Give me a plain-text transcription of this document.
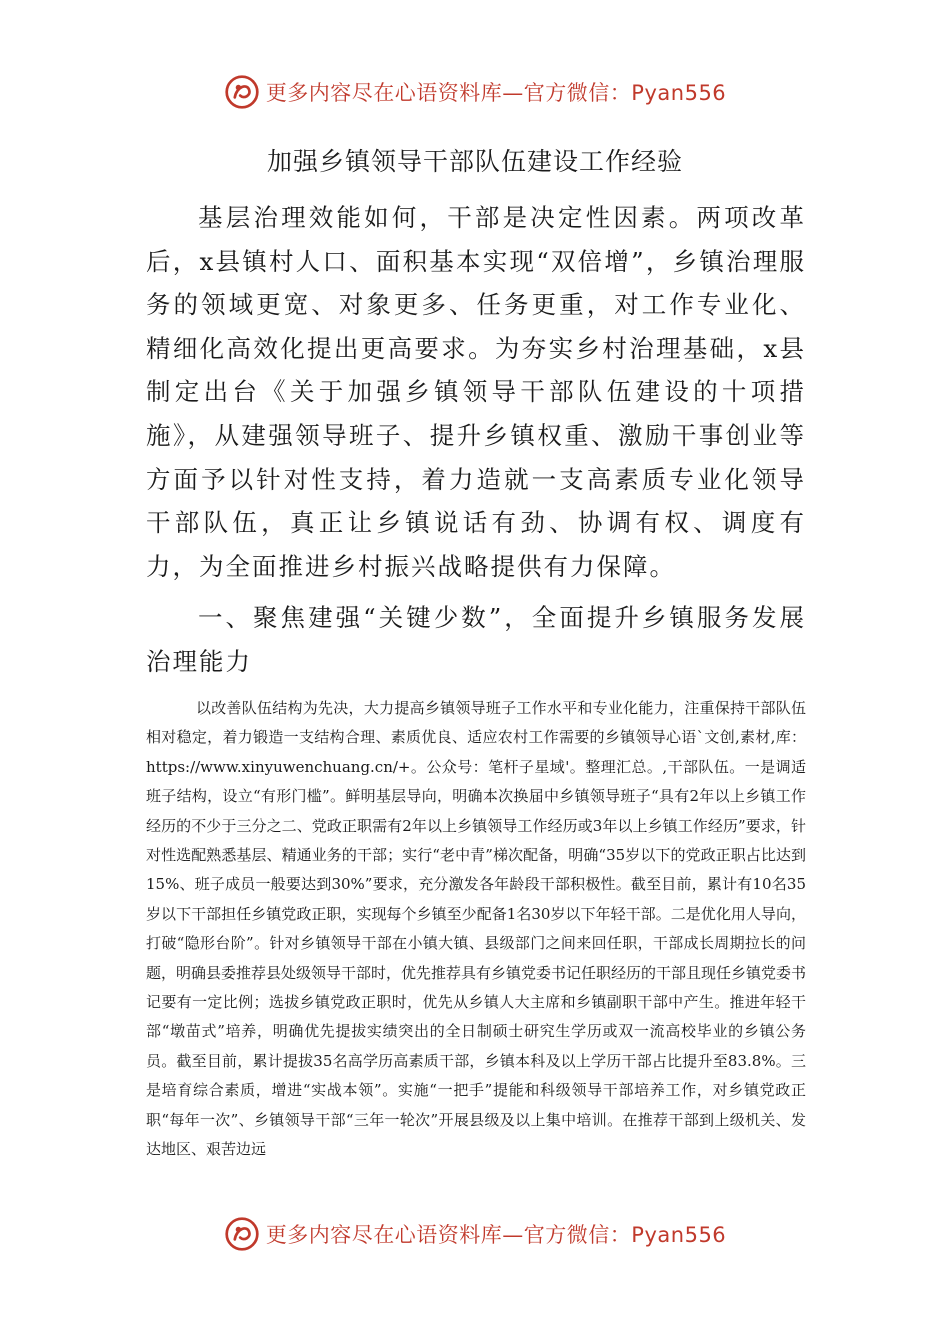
更多内容尽在心语资料库—官方微信：Pyan556
加强乡镇领导干部队伍建设工作经验

基层治理效能如何，干部是决定性因素。两项改革后，x县镇村人口、面积基本实现“双倍增”，乡镇治理服务的领域更宽、对象更多、任务更重，对工作专业化、精细化高效化提出更高要求。为夯实乡村治理基础，x县制定出台《关于加强乡镇领导干部队伍建设的十项措施》，从建强领导班子、提升乡镇权重、激励干事创业等方面予以针对性支持，着力造就一支高素质专业化领导干部队伍，真正让乡镇说话有劲、协调有权、调度有力，为全面推进乡村振兴战略提供有力保障。

一、聚焦建强“关键少数”，全面提升乡镇服务发展治理能力

以改善队伍结构为先决，大力提高乡镇领导班子工作水平和专业化能力，注重保持干部队伍相对稳定，着力锻造一支结构合理、素质优良、适应农村工作需要的乡镇领导心语`文创,素材,库：https://www.xinyuwenchuang.cn/+。公众号：笔杆子星域'。整理汇总。,干部队伍。一是调适班子结构，设立“有形门槛”。鲜明基层导向，明确本次换届中乡镇领导班子“具有2年以上乡镇工作经历的不少于三分之二、党政正职需有2年以上乡镇领导工作经历或3年以上乡镇工作经历”要求，针对性选配熟悉基层、精通业务的干部；实行“老中青”梯次配备，明确“35岁以下的党政正职占比达到15%、班子成员一般要达到30%”要求，充分激发各年龄段干部积极性。截至目前，累计有10名35岁以下干部担任乡镇党政正职，实现每个乡镇至少配备1名30岁以下年轻干部。二是优化用人导向，打破“隐形台阶”。针对乡镇领导干部在小镇大镇、县级部门之间来回任职，干部成长周期拉长的问题，明确县委推荐县处级领导干部时，优先推荐具有乡镇党委书记任职经历的干部且现任乡镇党委书记要有一定比例；选拔乡镇党政正职时，优先从乡镇人大主席和乡镇副职干部中产生。推进年轻干部“墩苗式”培养，明确优先提拔实绩突出的全日制硕士研究生学历或双一流高校毕业的乡镇公务员。截至目前，累计提拔35名高学历高素质干部，乡镇本科及以上学历干部占比提升至83.8%。三是培育综合素质，增进“实战本领”。实施“一把手”提能和科级领导干部培养工作，对乡镇党政正职“每年一次”、乡镇领导干部“三年一轮次”开展县级及以上集中培训。在推荐干部到上级机关、发达地区、艰苦边远

更多内容尽在心语资料库—官方微信：Pyan556
